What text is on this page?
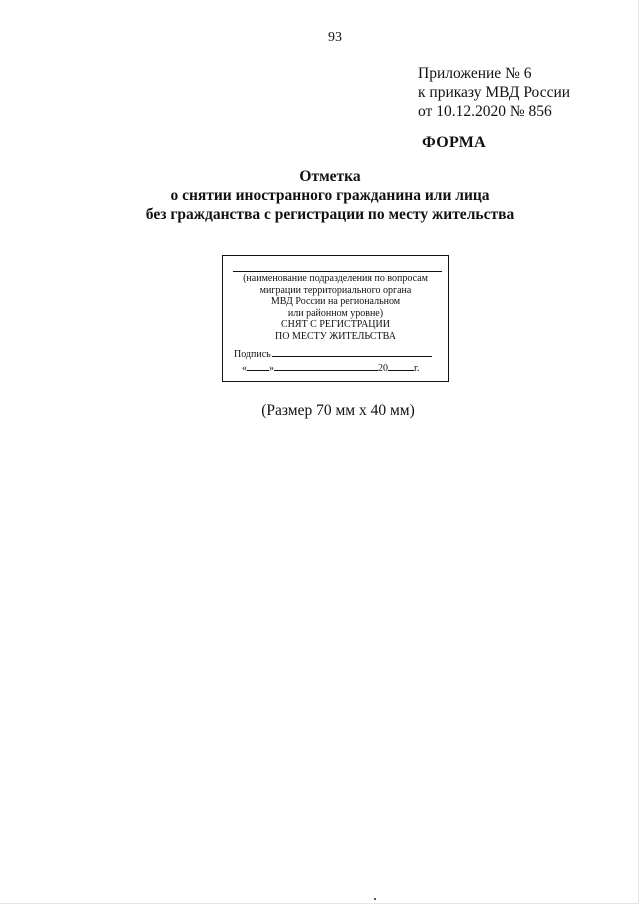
93
Приложение № 6
к приказу МВД России
от 10.12.2020 № 856
ФОРМА
Отметка
о снятии иностранного гражданина или лица
без гражданства с регистрации по месту жительства
(наименование подразделения по вопросам
миграции территориального органа
МВД России на региональном
или районном уровне)
СНЯТ С РЕГИСТРАЦИИ
ПО МЕСТУ ЖИТЕЛЬСТВА
Подпись
« »	20	г.
(Размер 70 мм х 40 мм)
